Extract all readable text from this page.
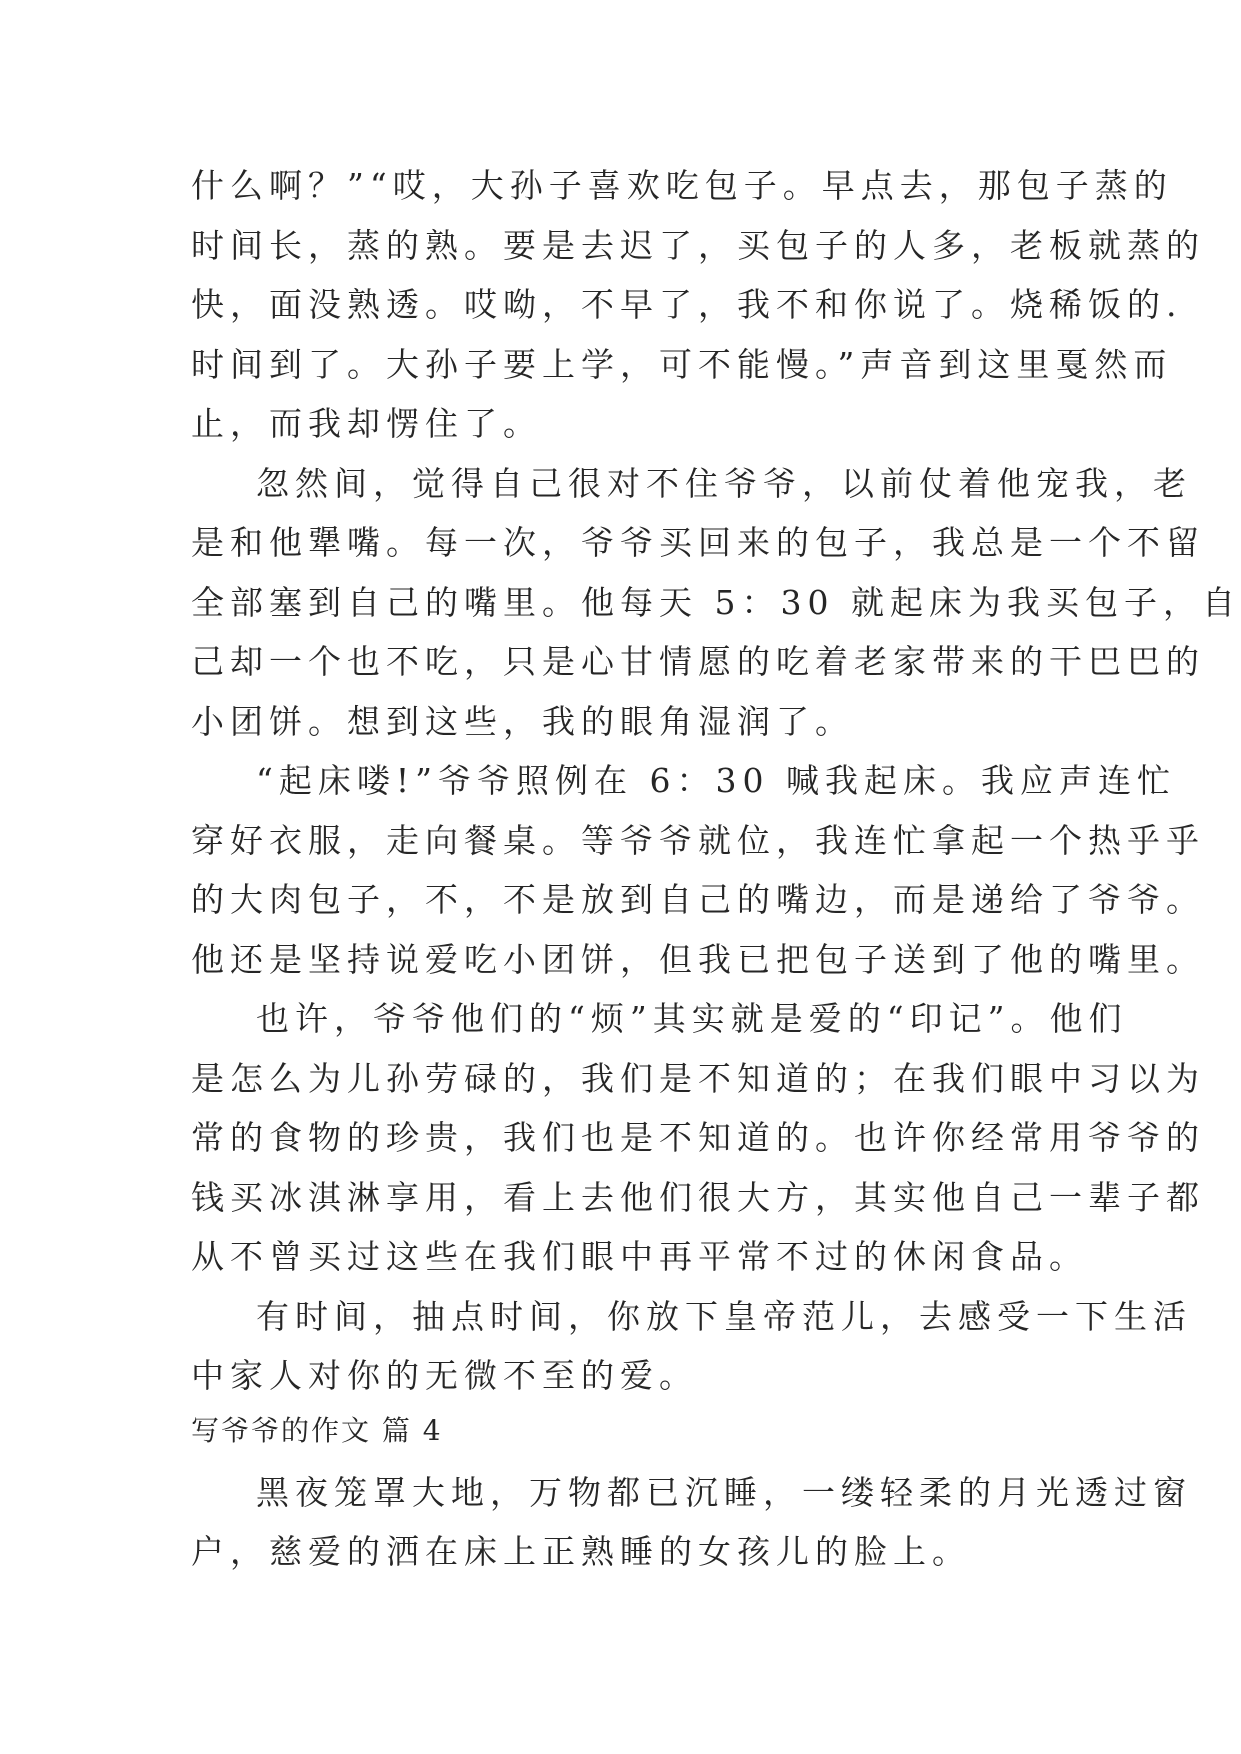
什么啊？”“哎，大孙子喜欢吃包子。早点去，那包子蒸的
时间长，蒸的熟。要是去迟了，买包子的人多，老板就蒸的
快，面没熟透。哎呦，不早了，我不和你说了。烧稀饭的.
时间到了。大孙子要上学，可不能慢。”声音到这里戛然而
止，而我却愣住了。
忽然间，觉得自己很对不住爷爷，以前仗着他宠我，老
是和他犟嘴。每一次，爷爷买回来的包子，我总是一个不留
全部塞到自己的嘴里。他每天 5：30 就起床为我买包子，自
己却一个也不吃，只是心甘情愿的吃着老家带来的干巴巴的
小团饼。想到这些，我的眼角湿润了。
“起床喽!”爷爷照例在 6：30 喊我起床。我应声连忙
穿好衣服，走向餐桌。等爷爷就位，我连忙拿起一个热乎乎
的大肉包子，不，不是放到自己的嘴边，而是递给了爷爷。
他还是坚持说爱吃小团饼，但我已把包子送到了他的嘴里。
也许，爷爷他们的“烦”其实就是爱的“印记”。他们
是怎么为儿孙劳碌的，我们是不知道的；在我们眼中习以为
常的食物的珍贵，我们也是不知道的。也许你经常用爷爷的
钱买冰淇淋享用，看上去他们很大方，其实他自己一辈子都
从不曾买过这些在我们眼中再平常不过的休闲食品。
有时间，抽点时间，你放下皇帝范儿，去感受一下生活
中家人对你的无微不至的爱。
写爷爷的作文 篇 4
黑夜笼罩大地，万物都已沉睡，一缕轻柔的月光透过窗
户，慈爱的洒在床上正熟睡的女孩儿的脸上。
